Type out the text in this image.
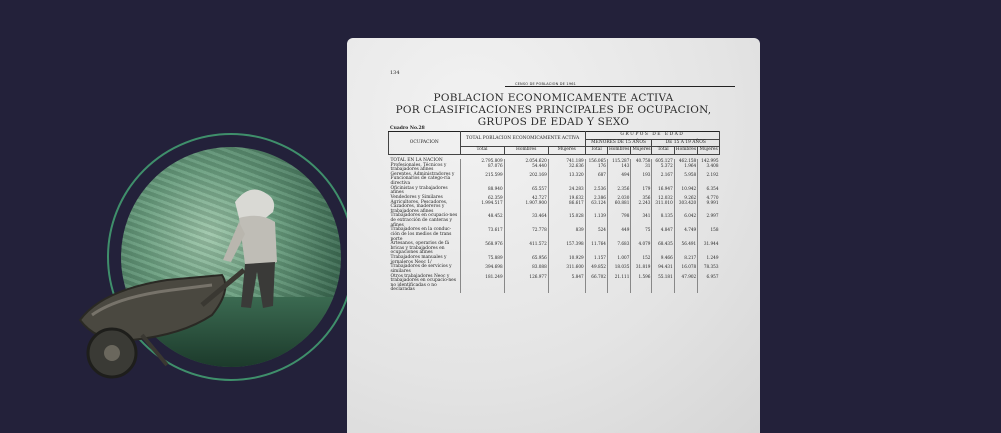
134
CENSO DE POBLACION DE 1961
POBLACION ECONOMICAMENTE ACTIVA
POR CLASIFICACIONES PRINCIPALES DE OCUPACION,
GRUPOS DE EDAD Y SEXO
Cuadro No.28
OCUPACION	TOTAL POBLACION ECONOMICAMENTE ACTIVA			GRUPOS DE EDAD					
				MENORES DE 15 AÑOS			DE 15 A 19 AÑOS		
	Total	Hombres	Mujeres	Total	Hombres	Mujeres	Total	Hombres	Mujeres

TOTAL EN LA NACION	2.795.809	2.054.620	741.189	156.065	115.287	40.758	605.127	462.158	142.995
Profesionales, Técnicos y trabajadores afines	87.076	54.440	32.636	176	143	31	5.372	1.964	3.408
Gerentes, Administradores y Funcionarios de catego-ría directiva	215.599	202.169	13.320	687	494	193	2.167	5.958	2.192
Oficinistas y trabajadores afines	88.940	65.557	24.283	2.536	2.356	179	16.947	10.942	6.354
Vendedores y Similares	62.359	42.727	19.632	2.386	2.030	356	12.032	9.262	4.770
Agricultores, Pescadores, Cazadores, madereros y trabajadores afines	1.994.517	1.907.900	86.617	63.124	60.881	2.243	311.010	303.420	9.991
Trabajadores en ocupacio-nes de extracción de canteras y afines	48.452	33.464	15.028	1.139	798	341	8.135	6.042	2.997
Trabajadores en la conduc-ción de los medios de trans porte	73.617	72.778	839	524	449	75	4.847	4.749	158
Artesanos, operarios de fá bricas y trabajadores en ocupaciones afines	568.976	411.572	157.398	11.764	7.683	4.079	68.435	56.491	31.944
Trabajadores manuales y jornaleros Neoc 1/	75.889	65.956	10.929	1.157	1.007	152	9.466	8.217	1.249
Trabajadores de servicios y similares	394.698	83.088	311.600	49.852	18.035	31.819	94.431	16.078	78.353
Otros trabajadores Neoc y trabajadores en ocupacio-nes no identificadas o no declaradas	181.249	126.977	5.847	66.702	21.111	1.596	55.181	47.902	6.957
